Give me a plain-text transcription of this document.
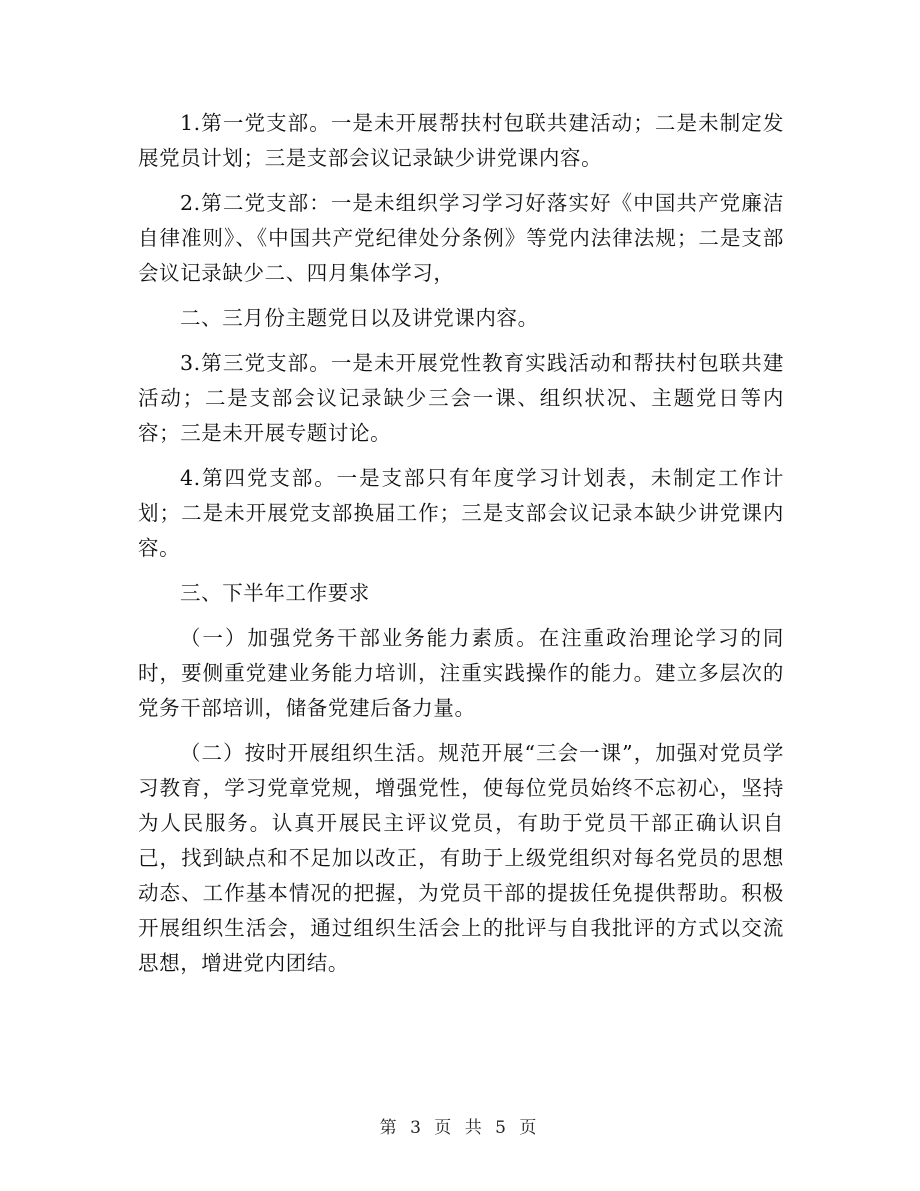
1.第一党支部。一是未开展帮扶村包联共建活动；二是未制定发展党员计划；三是支部会议记录缺少讲党课内容。

2.第二党支部：一是未组织学习学习好落实好《中国共产党廉洁自律准则》、《中国共产党纪律处分条例》等党内法律法规；二是支部会议记录缺少二、四月集体学习，

二、三月份主题党日以及讲党课内容。

3.第三党支部。一是未开展党性教育实践活动和帮扶村包联共建活动；二是支部会议记录缺少三会一课、组织状况、主题党日等内容；三是未开展专题讨论。

4.第四党支部。一是支部只有年度学习计划表，未制定工作计划；二是未开展党支部换届工作；三是支部会议记录本缺少讲党课内容。

三、下半年工作要求

（一）加强党务干部业务能力素质。在注重政治理论学习的同时，要侧重党建业务能力培训，注重实践操作的能力。建立多层次的党务干部培训，储备党建后备力量。

（二）按时开展组织生活。规范开展“三会一课”，加强对党员学习教育，学习党章党规，增强党性，使每位党员始终不忘初心，坚持为人民服务。认真开展民主评议党员，有助于党员干部正确认识自己，找到缺点和不足加以改正，有助于上级党组织对每名党员的思想动态、工作基本情况的把握，为党员干部的提拔任免提供帮助。积极开展组织生活会，通过组织生活会上的批评与自我批评的方式以交流思想，增进党内团结。

第 3 页 共 5 页
